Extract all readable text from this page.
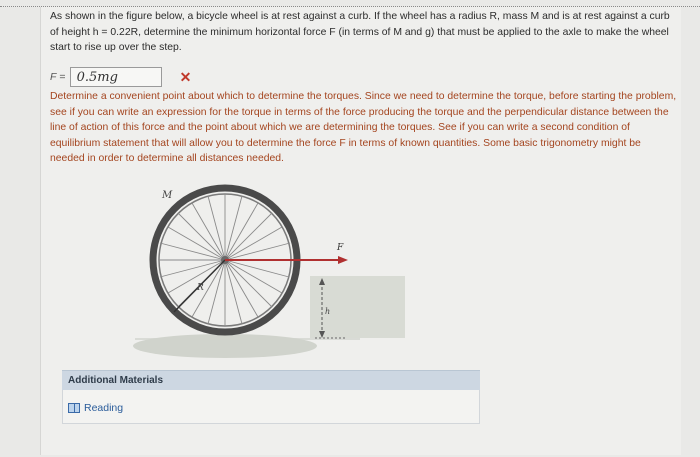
As shown in the figure below, a bicycle wheel is at rest against a curb. If the wheel has a radius R, mass M and is at rest against a curb of height h = 0.22R, determine the minimum horizontal force F (in terms of M and g) that must be applied to the axle to make the wheel start to rise up over the step.
F = 0.5mg	✕
Determine a convenient point about which to determine the torques. Since we need to determine the torque, before starting the problem, see if you can write an expression for the torque in terms of the force producing the torque and the perpendicular distance between the line of action of this force and the point about which we are determining the torques. See if you can write a second condition of equilibrium statement that will allow you to determine the force F in terms of known quantities. Some basic trigonometry might be needed in order to determine all distances needed.
M
R
F
h
Additional Materials
Reading
